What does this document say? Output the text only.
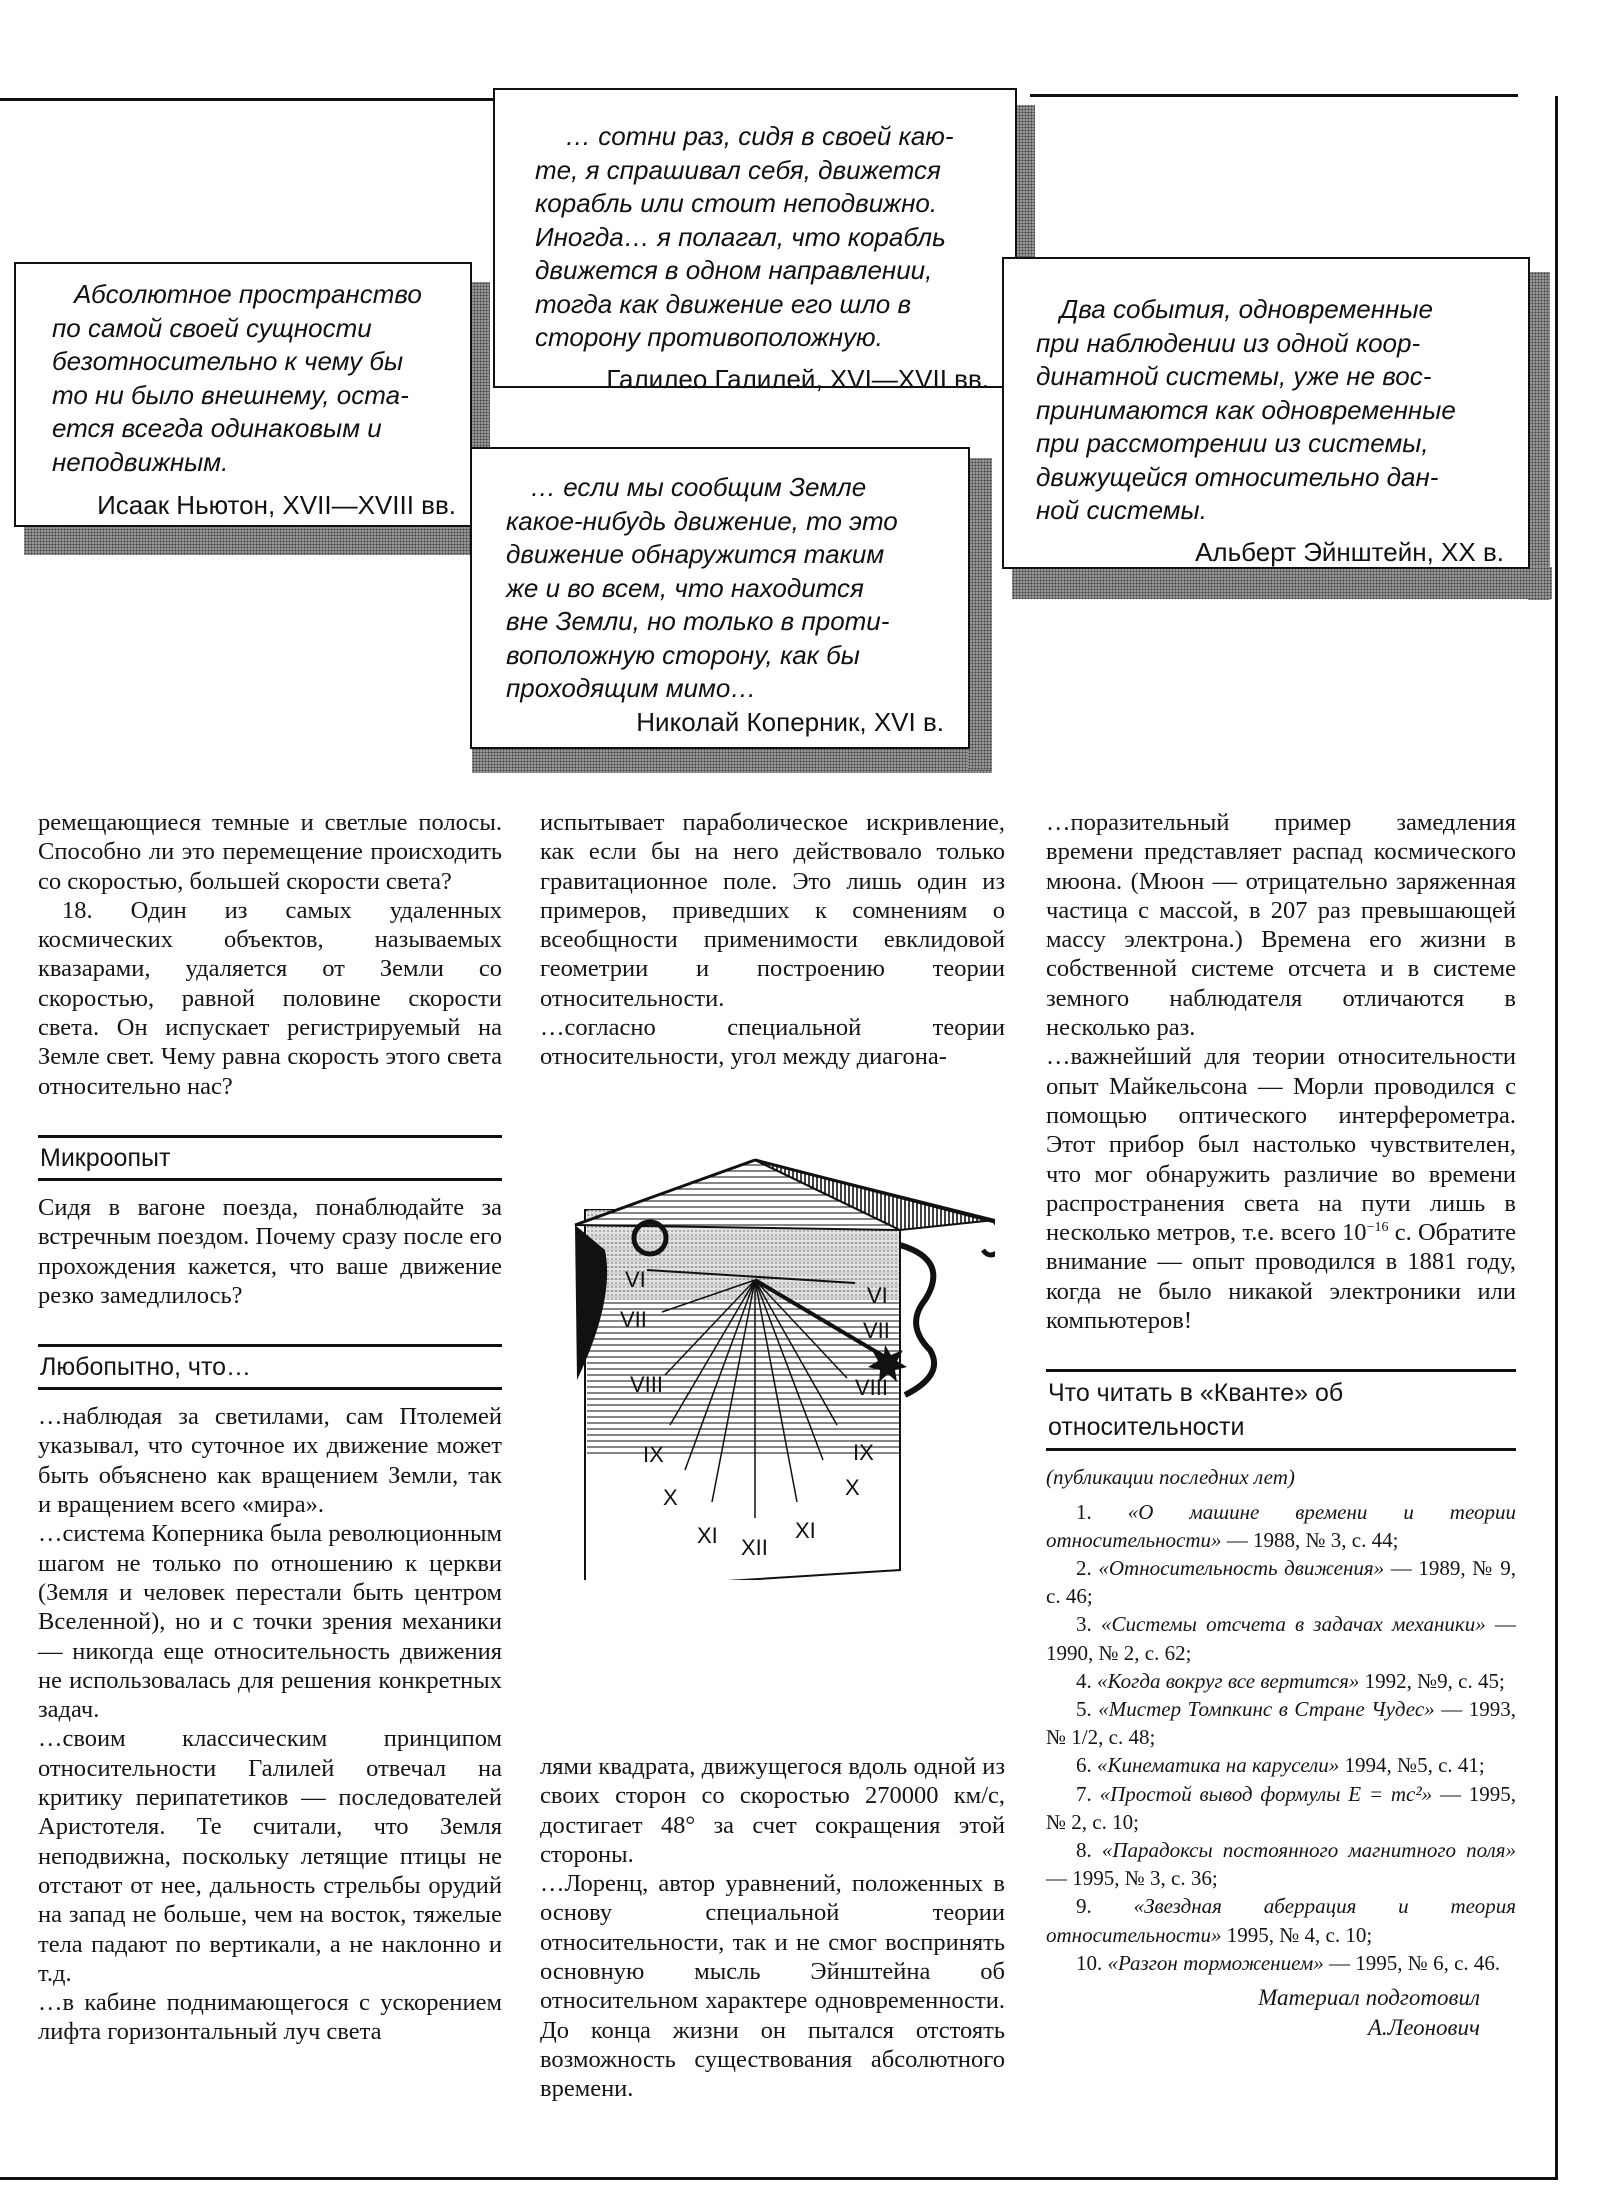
… сотни раз, сидя в своей каю-
те, я спрашивал себя, движется
корабль или стоит неподвижно.
Иногда… я полагал, что корабль
движется в одном направлении,
тогда как движение его шло в
сторону противоположную.
Галилео Галилей, XVI—XVII вв.
Абсолютное пространство
по самой своей сущности
безотносительно к чему бы
то ни было внешнему, оста-
ется всегда одинаковым и
неподвижным.
Исаак Ньютон, XVII—XVIII вв.
Два события, одновременные
при наблюдении из одной коор-
динатной системы, уже не вос-
принимаются как одновременные
при рассмотрении из системы,
движущейся относительно дан-
ной системы.
Альберт Эйнштейн, XX в.
… если мы сообщим Земле
какое-нибудь движение, то это
движение обнаружится таким
же и во всем, что находится
вне Земли, но только в проти-
воположную сторону, как бы
проходящим мимо…
Николай Коперник, XVI в.

ремещающиеся темные и светлые полосы. Способно ли это перемещение происходить со скоростью, большей скорости света?

18. Один из самых удаленных космических объектов, называемых квазарами, удаляется от Земли со скоростью, равной половине скорости света. Он испускает регистрируемый на Земле свет. Чему равна скорость этого света относительно нас?

Микроопыт

Сидя в вагоне поезда, понаблюдайте за встречным поездом. Почему сразу после его прохождения кажется, что ваше движение резко замедлилось?

Любопытно, что…

…наблюдая за светилами, сам Птолемей указывал, что суточное их движение может быть объяснено как вращением Земли, так и вращением всего «мира».

…система Коперника была революционным шагом не только по отношению к церкви (Земля и человек перестали быть центром Вселенной), но и с точки зрения механики — никогда еще относительность движения не использовалась для решения конкретных задач.

…своим классическим принципом относительности Галилей отвечал на критику перипатетиков — последователей Аристотеля. Те считали, что Земля неподвижна, поскольку летящие птицы не отстают от нее, дальность стрельбы орудий на запад не больше, чем на восток, тяжелые тела падают по вертикали, а не наклонно и т.д.

…в кабине поднимающегося с ускорением лифта горизонтальный луч света

испытывает параболическое искривление, как если бы на него действовало только гравитационное поле. Это лишь один из примеров, приведших к сомнениям о всеобщности применимости евклидовой геометрии и построению теории относительности.

…согласно специальной теории относительности, угол между диагона-

VI
VII
VIII
IX
X
XI XII
XI
X
IX
VIII
VII
VI

лями квадрата, движущегося вдоль одной из своих сторон со скоростью 270000 км/с, достигает 48° за счет сокращения этой стороны.

…Лоренц, автор уравнений, положенных в основу специальной теории относительности, так и не смог воспринять основную мысль Эйнштейна об относительном характере одновременности. До конца жизни он пытался отстоять возможность существования абсолютного времени.

…поразительный пример замедления времени представляет распад космического мюона. (Мюон — отрицательно заряженная частица с массой, в 207 раз превышающей массу электрона.) Времена его жизни в собственной системе отсчета и в системе земного наблюдателя отличаются в несколько раз.

…важнейший для теории относительности опыт Майкельсона — Морли проводился с помощью оптического интерферометра. Этот прибор был настолько чувствителен, что мог обнаружить различие во времени распространения света на пути лишь в несколько метров, т.е. всего $10^{-16}$ с. Обратите внимание — опыт проводился в 1881 году, когда не было никакой электроники или компьютеров!

Что читать в «Кванте» об относительности

(публикации последних лет)

1. «О машине времени и теории относительности» — 1988, № 3, с. 44;

2. «Относительность движения» — 1989, № 9, с. 46;

3. «Системы отсчета в задачах механики» — 1990, № 2, с. 62;

4. «Когда вокруг все вертится» 1992, №9, с. 45;

5. «Мистер Томпкинс в Стране Чудес» — 1993, № 1/2, с. 48;

6. «Кинематика на карусели» 1994, №5, с. 41;

7. «Простой вывод формулы E = mc²» — 1995, № 2, с. 10;

8. «Парадоксы постоянного магнитного поля» — 1995, № 3, с. 36;

9. «Звездная аберрация и теория относительности» 1995, № 4, с. 10;

10. «Разгон торможением» — 1995, № 6, с. 46.

Материал подготовил
А.Леонович
